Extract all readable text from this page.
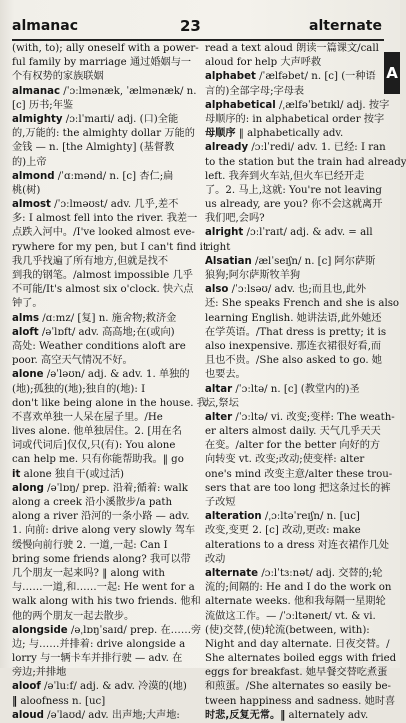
almanac	23	alternate
A
(with, to); ally oneself with a power-
ful family by marriage 通过婚姻与一
个有权势的家族联姻
almanac /ˈɔːlmənæk, ˈælmənæk/ n.
[c] 历书;年鉴
almighty /ɔːlˈmaɪti/ adj. (口)全能
的,万能的: the almighty dollar 万能的
金钱 — n. [the Almighty] (基督教
的)上帝
almond /ˈɑːmənd/ n. [c] 杏仁;扁
桃(树)
almost /ˈɔːlməʊst/ adv. 几乎,差不
多: I almost fell into the river. 我差一
点跌入河中。/I've looked almost eve-
rywhere for my pen, but I can't find it.
我几乎找遍了所有地方,但就是找不
到我的钢笔。/almost impossible 几乎
不可能/It's almost six o'clock. 快六点
钟了。
alms /ɑːmz/ [复] n. 施舍物;救济金
aloft /əˈlɒft/ adv. 高高地;在(或向)
高处: Weather conditions aloft are
poor. 高空天气情况不好。
alone /əˈləʊn/ adj. & adv. 1. 单独的
(地);孤独的(地);独自的(地): I
don't like being alone in the house. 我
不喜欢单独一人呆在屋子里。/He
lives alone. 他单独居住。2. [用在名
词或代词后]仅仅,只(有): You alone
can help me. 只有你能帮助我。‖ go
it alone 独自干(或过活)
along /əˈlɒŋ/ prep. 沿着;循着: walk
along a creek 沿小溪散步/a path
along a river 沿河的一条小路 — adv.
1. 向前: drive along very slowly 驾车
缓慢向前行驶 2. 一道,一起: Can I
bring some friends along? 我可以带
几个朋友一起来吗? ‖ along with
与……一道,和……一起: He went for a
walk along with his two friends. 他和
他的两个朋友一起去散步。
alongside /əˌlɒŋˈsaɪd/ prep. 在……旁
边; 与……并排着: drive alongside a
lorry 与一辆卡车并排行驶 — adv. 在
旁边;并排地
aloof /əˈluːf/ adj. & adv. 冷漠的(地)
‖ aloofness n. [uc]
aloud /əˈlaʊd/ adv. 出声地;大声地:
read a text aloud 朗读一篇课文/call
aloud for help 大声呼救
alphabet /ˈælfəbet/ n. [c] (一种语
言的)全部字母;字母表
alphabetical /ˌælfəˈbetɪkl/ adj. 按字
母顺序的: in alphabetical order 按字
母顺序 ‖ alphabetically adv.
already /ɔːlˈredi/ adv. 1. 已经: I ran
to the station but the train had already
left. 我奔到火车站,但火车已经开走
了。2. 马上,这就: You're not leaving
us already, are you? 你不会这就离开
我们吧,会吗?
alright /ɔːlˈraɪt/ adj. & adv. = all
right
Alsatian /ælˈseɪʃn/ n. [c] 阿尔萨斯
狼狗;阿尔萨斯牧羊狗
also /ˈɔːlsəʊ/ adv. 也;而且也,此外
还: She speaks French and she is also
learning English. 她讲法语,此外她还
在学英语。/That dress is pretty; it is
also inexpensive. 那连衣裙很好看,而
且也不贵。/She also asked to go. 她
也要去。
altar /ˈɔːltə/ n. [c] (教堂内的)圣
坛,祭坛
alter /ˈɔːltə/ vi. 改变;变样: The weath-
er alters almost daily. 天气几乎天天
在变。/alter for the better 向好的方
向转变 vt. 改变;改动;使变样: alter
one's mind 改变主意/alter these trou-
sers that are too long 把这条过长的裤
子改短
alteration /ˌɔːltəˈreɪʃn/ n. [uc]
改变,变更 2. [c] 改动,更改: make
alterations to a dress 对连衣裙作几处
改动
alternate /ɔːlˈtɜːnət/ adj. 交替的;轮
流的;间隔的: He and I do the work on
alternate weeks. 他和我每隔一星期轮
流做这工作。— /ˈɔːltəneɪt/ vt. & vi.
(使)交替,(使)轮流(between, with):
Night and day alternate. 日夜交替。/
She alternates boiled eggs with fried
eggs for breakfast. 她早餐交替吃煮蛋
和煎蛋。/She alternates so easily be-
tween happiness and sadness. 她时喜
时悲,反复无常。‖ alternately adv.
